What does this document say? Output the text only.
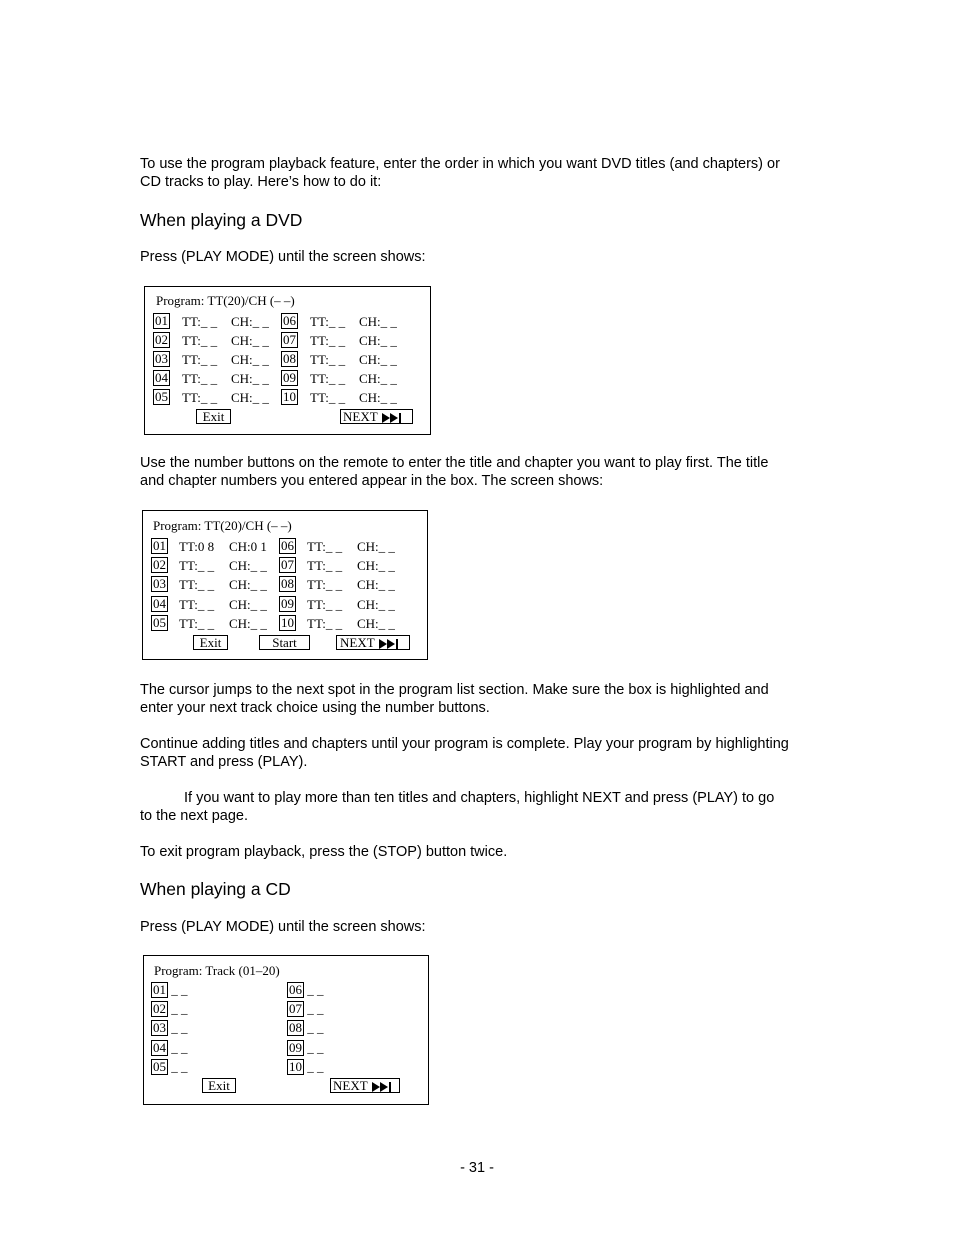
To use the program playback feature, enter the order in which you want DVD titles (and chapters) or CD tracks to play. Here’s how to do it:

When playing a DVD

Press (PLAY MODE) until the screen shows:

Program: TT(20)/CH (– –)
01 TT:_ _ CH:_ _
02 TT:_ _ CH:_ _
03 TT:_ _ CH:_ _
04 TT:_ _ CH:_ _
05 TT:_ _ CH:_ _
06 TT:_ _ CH:_ _
07 TT:_ _ CH:_ _
08 TT:_ _ CH:_ _
09 TT:_ _ CH:_ _
10 TT:_ _ CH:_ _
Exit	NEXT

Use the number buttons on the remote to enter the title and chapter you want to play first. The title and chapter numbers you entered appear in the box. The screen shows:

Program: TT(20)/CH (– –)
01 TT:0 8 CH:0 1
02 TT:_ _ CH:_ _
03 TT:_ _ CH:_ _
04 TT:_ _ CH:_ _
05 TT:_ _ CH:_ _
06 TT:_ _ CH:_ _
07 TT:_ _ CH:_ _
08 TT:_ _ CH:_ _
09 TT:_ _ CH:_ _
10 TT:_ _ CH:_ _
Exit	Start	NEXT

The cursor jumps to the next spot in the program list section. Make sure the box is highlighted and enter your next track choice using the number buttons.

Continue adding titles and chapters until your program is complete. Play your program by highlighting START and press (PLAY).

If you want to play more than ten titles and chapters, highlight NEXT and press (PLAY) to go to the next page.

To exit program playback, press the (STOP) button twice.

When playing a CD

Press (PLAY MODE) until the screen shows:

Program: Track (01–20)
01 _ _
02 _ _
03 _ _
04 _ _
05 _ _
06 _ _
07 _ _
08 _ _
09 _ _
10 _ _
Exit	NEXT
- 31 -
